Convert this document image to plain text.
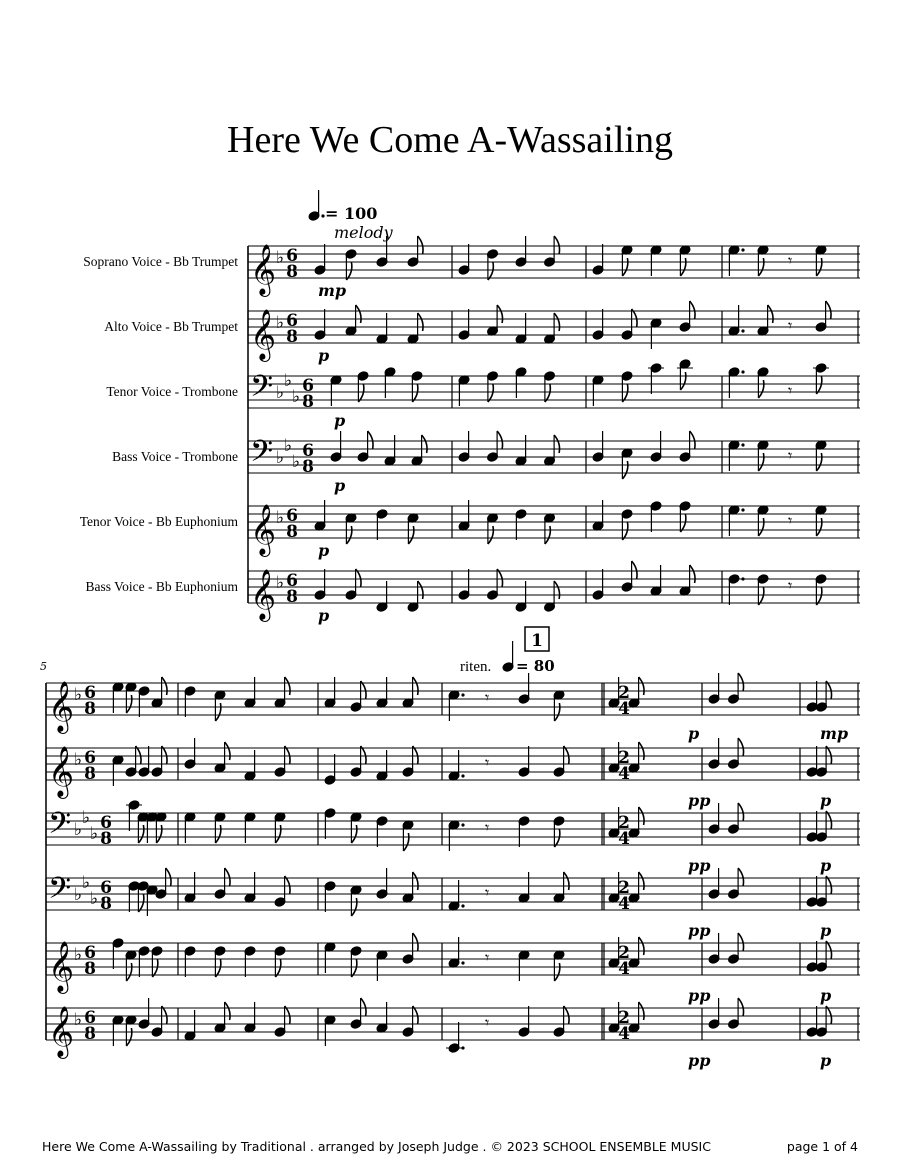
Here We Come A-Wassailing
Soprano Voice - Bb Trumpet 𝄞 ♭ 6
8
𝄾
mp
Alto Voice - Bb Trumpet 𝄞 ♭ 6
8
𝄾
p
Tenor Voice - Trombone 𝄢 ♭
♭
♭
6
8
𝄾
p
Bass Voice - Trombone 𝄢 ♭
♭
♭
6
8
𝄾
p
Tenor Voice - Bb Euphonium 𝄞 ♭ 6
8
𝄾
p
Bass Voice - Bb Euphonium 𝄞 ♭ 6
8
𝄾
p
= 100
melody
𝄞 ♭ 6
8
𝄾
𝄞 ♭ 6
8
𝄾
𝄢 ♭
♭
♭
6
8
𝄾
𝄢 ♭
♭
♭
6
8
𝄾
𝄞 ♭ 6
8
𝄾
𝄞 ♭ 6
8
𝄾
5
1
riten. = 80
2
4
2
4
2
4
2
4
2
4
2
4
p	mp
pp	p
pp	p
pp	p
pp	p
pp	p
Here We Come A-Wassailing by Traditional . arranged by Joseph Judge . © 2023 SCHOOL ENSEMBLE MUSIC	page 1 of 4
